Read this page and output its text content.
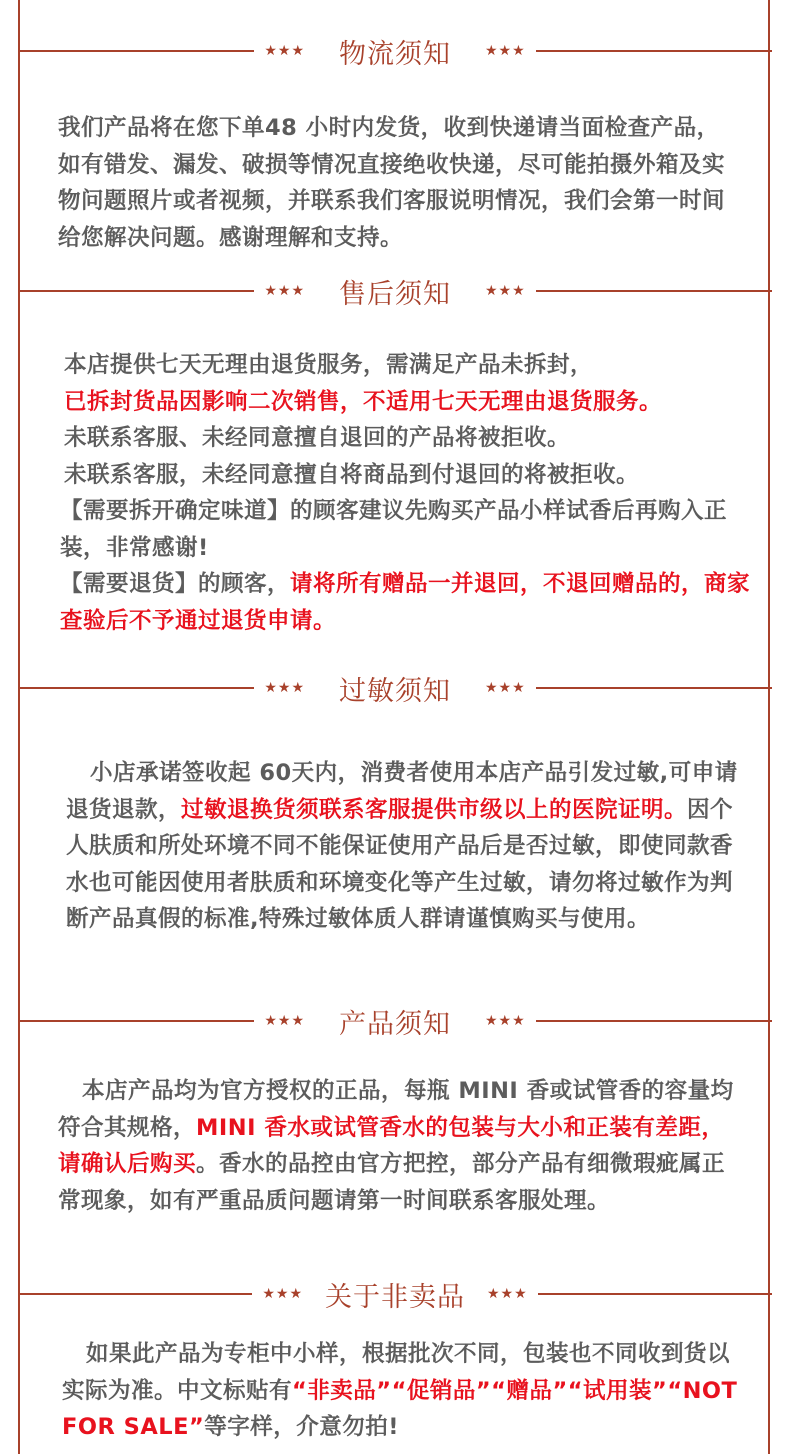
★★★	物流须知	★★★
我们产品将在您下单48 小时内发货，收到快递请当面检查产品，如有错发、漏发、破损等情况直接绝收快递，尽可能拍摄外箱及实物问题照片或者视频，并联系我们客服说明情况，我们会第一时间给您解决问题。感谢理解和支持。
★★★	售后须知	★★★
本店提供七天无理由退货服务，需满足产品未拆封，
已拆封货品因影响二次销售，不适用七天无理由退货服务。
未联系客服、未经同意擅自退回的产品将被拒收。
未联系客服，未经同意擅自将商品到付退回的将被拒收。
【需要拆开确定味道】的顾客建议先购买产品小样试香后再购入正装，非常感谢!
【需要退货】的顾客，请将所有赠品一并退回，不退回赠品的，商家查验后不予通过退货申请。
★★★	过敏须知	★★★
小店承诺签收起 60天内，消费者使用本店产品引发过敏,可申请退货退款，过敏退换货须联系客服提供市级以上的医院证明。因个人肤质和所处环境不同不能保证使用产品后是否过敏，即使同款香水也可能因使用者肤质和环境变化等产生过敏，请勿将过敏作为判断产品真假的标准,特殊过敏体质人群请谨慎购买与使用。
★★★	产品须知	★★★
本店产品均为官方授权的正品，每瓶 MINI 香或试管香的容量均符合其规格，MINI 香水或试管香水的包装与大小和正装有差距，请确认后购买。香水的品控由官方把控，部分产品有细微瑕疵属正常现象，如有严重品质问题请第一时间联系客服处理。
★★★ 关于非卖品	★★★
如果此产品为专柜中小样，根据批次不同，包装也不同收到货以实际为准。中文标贴有“非卖品”“促销品”“赠品”“试用装”“NOT FOR SALE”等字样，介意勿拍!
